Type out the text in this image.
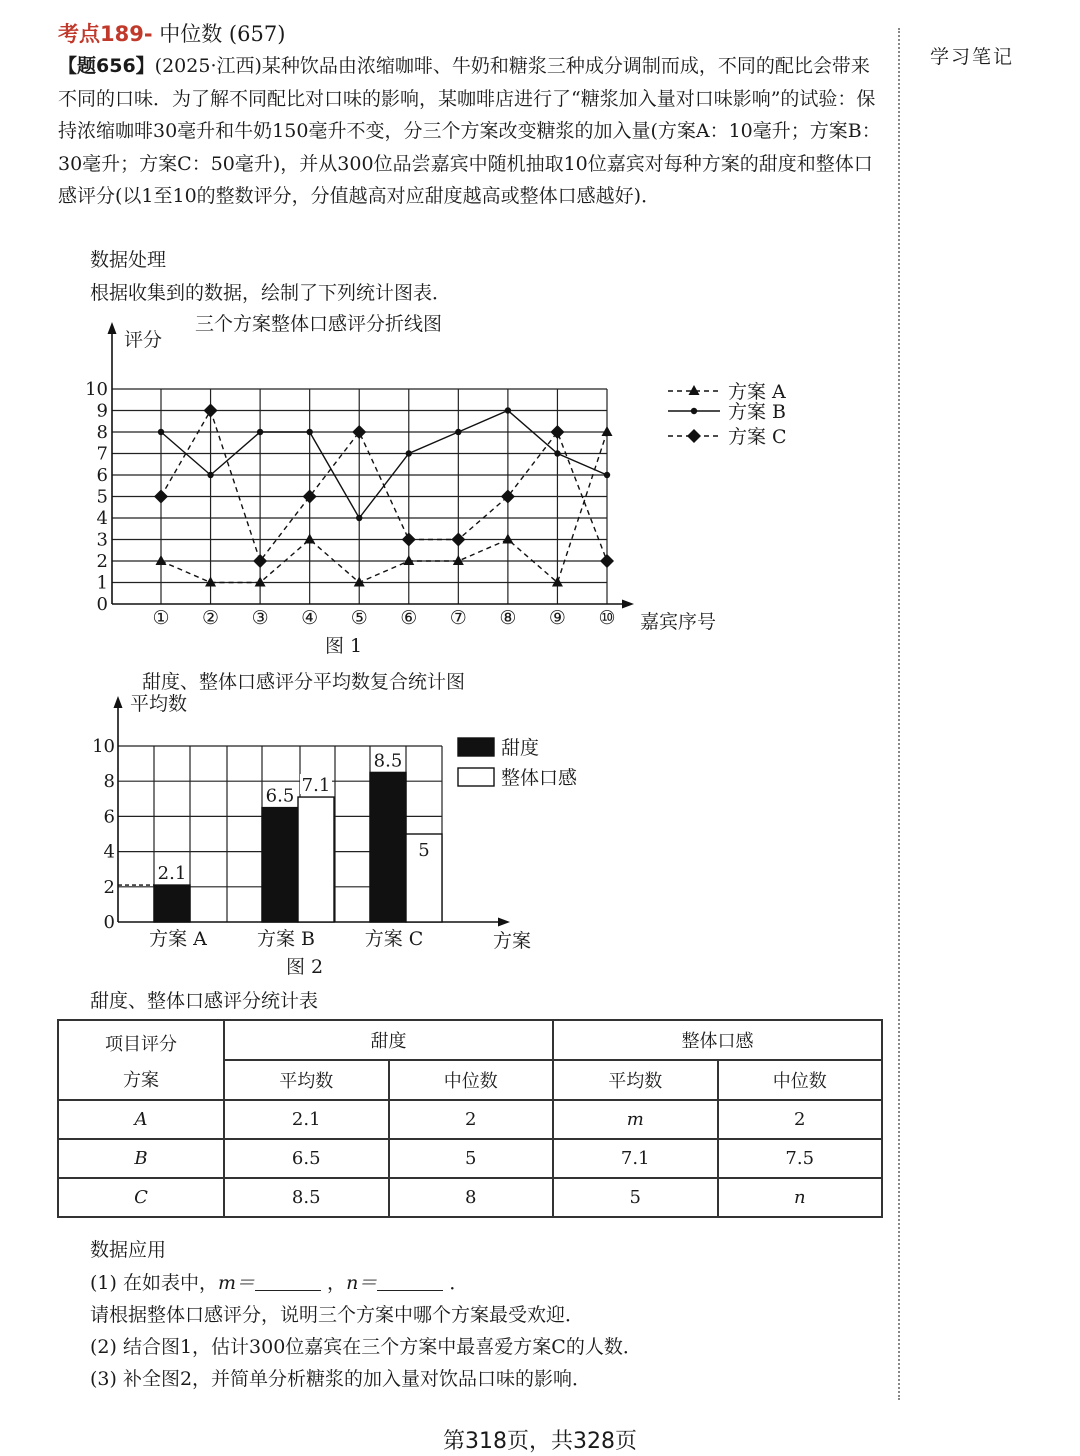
考点189- 中位数 (657)
学习笔记
【题656】(2025·江西)某种饮品由浓缩咖啡、牛奶和糖浆三种成分调制而成，不同的配比会带来不同的口味．为了解不同配比对口味的影响，某咖啡店进行了“糖浆加入量对口味影响”的试验：保持浓缩咖啡30毫升和牛奶150毫升不变，分三个方案改变糖浆的加入量(方案A：10毫升；方案B：30毫升；方案C：50毫升)，并从300位品尝嘉宾中随机抽取10位嘉宾对每种方案的甜度和整体口感评分(以1至10的整数评分，分值越高对应甜度越高或整体口感越好)．
数据处理
根据收集到的数据，绘制了下列统计图表．
0
1
2
3
4
5
6
7
8
9
10
① ② ③ ④ ⑤ ⑥ ⑦ ⑧ ⑨ ⑩
方案 A
方案 B
方案 C
三个方案整体口感评分折线图
评分
嘉宾序号
图 1
0
2
4
6
8
10
2.1
6.5
7.1
8.5
5
方案 A	方案 B	方案 C
甜度
整体口感
甜度、整体口感评分平均数复合统计图
平均数
方案
图 2
甜度、整体口感评分统计表
项目评分
方案	甜度		整体口感	
	平均数	中位数	平均数	中位数
A	2.1	2	m	2
B	6.5	5	7.1	7.5
C	8.5	8	5	n
数据应用
(1) 在如表中，m＝	，n＝	．
请根据整体口感评分，说明三个方案中哪个方案最受欢迎．
(2) 结合图1，估计300位嘉宾在三个方案中最喜爱方案C的人数．
(3) 补全图2，并简单分析糖浆的加入量对饮品口味的影响．
第318页，共328页
